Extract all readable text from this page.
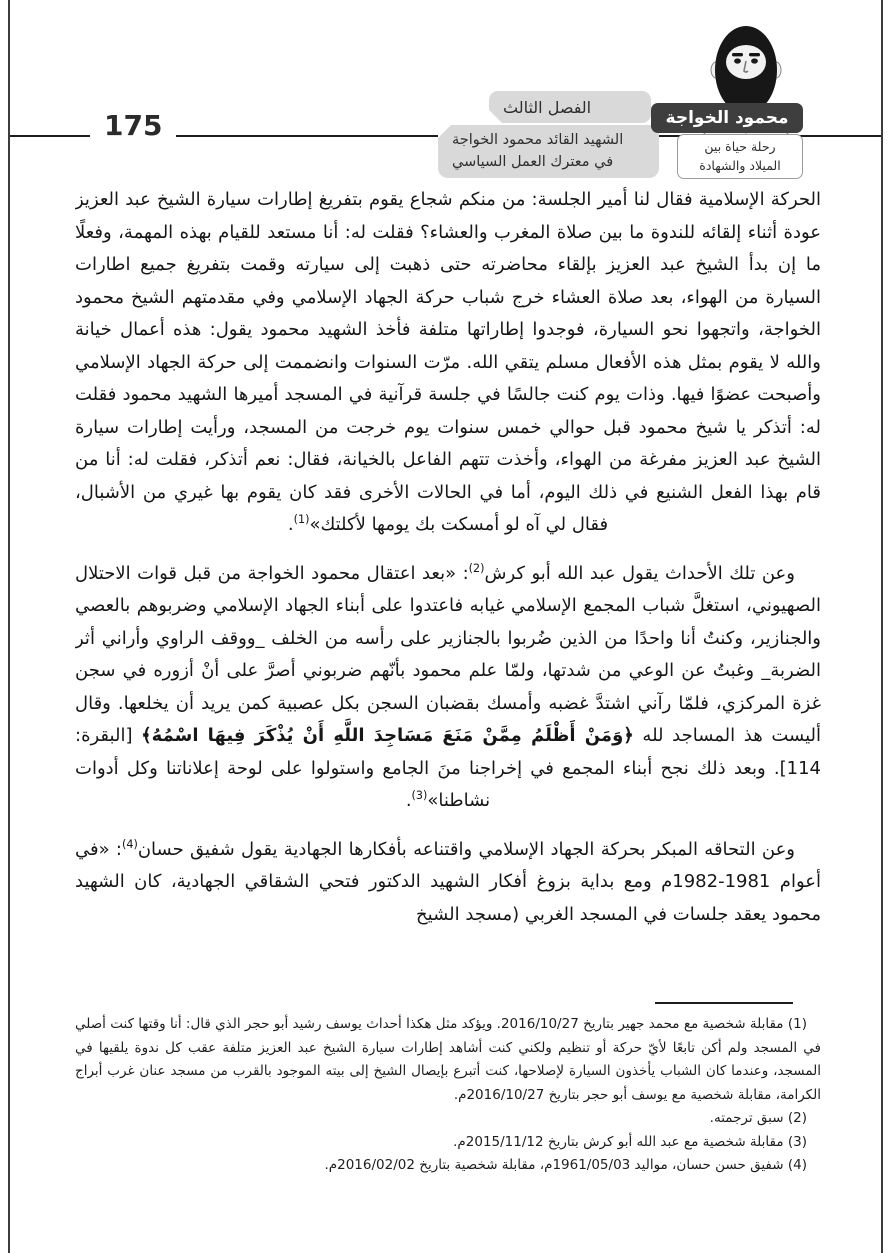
175
الفصل الثالث
الشهيد القائد محمود الخواجة
في معترك العمل السياسي
محمود الخواجة
رحلة حياة بين
الميلاد والشهادة

الحركة الإسلامية فقال لنا أمير الجلسة: من منكم شجاع يقوم بتفريغ إطارات سيارة الشيخ عبد العزيز عودة أثناء إلقائه للندوة ما بين صلاة المغرب والعشاء؟ فقلت له: أنا مستعد للقيام بهذه المهمة، وفعلًا ما إن بدأ الشيخ عبد العزيز بإلقاء محاضرته حتى ذهبت إلى سيارته وقمت بتفريغ جميع اطارات السيارة من الهواء، بعد صلاة العشاء خرج شباب حركة الجهاد الإسلامي وفي مقدمتهم الشيخ محمود الخواجة، واتجهوا نحو السيارة، فوجدوا إطاراتها متلفة فأخذ الشهيد محمود يقول: هذه أعمال خيانة والله لا يقوم بمثل هذه الأفعال مسلم يتقي الله. مرّت السنوات وانضممت إلى حركة الجهاد الإسلامي وأصبحت عضوًا فيها. وذات يوم كنت جالسًا في جلسة قرآنية في المسجد أميرها الشهيد محمود فقلت له: أتذكر يا شيخ محمود قبل حوالي خمس سنوات يوم خرجت من المسجد، ورأيت إطارات سيارة الشيخ عبد العزيز مفرغة من الهواء، وأخذت تتهم الفاعل بالخيانة، فقال: نعم أتذكر، فقلت له: أنا من قام بهذا الفعل الشنيع في ذلك اليوم، أما في الحالات الأخرى فقد كان يقوم بها غيري من الأشبال، فقال لي آه لو أمسكت بك يومها لأكلتك»$^{(1)}$.

وعن تلك الأحداث يقول عبد الله أبو كرش$^{(2)}$: «بعد اعتقال محمود الخواجة من قبل قوات الاحتلال الصهيوني، استغلَّ شباب المجمع الإسلامي غيابه فاعتدوا على أبناء الجهاد الإسلامي وضربوهم بالعصي والجنازير، وكنتُ أنا واحدًا من الذين ضُربوا بالجنازير على رأسه من الخلف _ووقف الراوي وأراني أثر الضربة_ وغبتُ عن الوعي من شدتها، ولمّا علم محمود بأنّهم ضربوني أصرَّ على أنْ أزوره في سجن غزة المركزي، فلمّا رآني اشتدَّ غضبه وأمسك بقضبان السجن بكل عصبية كمن يريد أن يخلعها. وقال أليست هذ المساجد لله ﴿وَمَنْ أَظْلَمُ مِمَّنْ مَنَعَ مَسَاجِدَ اللَّهِ أَنْ يُذْكَرَ فِيهَا اسْمُهُ﴾ [البقرة: 114]. وبعد ذلك نجح أبناء المجمع في إخراجنا منَ الجامع واستولوا على لوحة إعلاناتنا وكل أدوات نشاطنا»$^{(3)}$.

وعن التحاقه المبكر بحركة الجهاد الإسلامي واقتناعه بأفكارها الجهادية يقول شفيق حسان$^{(4)}$: «في أعوام 1981-1982م ومع بداية بزوغ أفكار الشهيد الدكتور فتحي الشقاقي الجهادية، كان الشهيد محمود يعقد جلسات في المسجد الغربي (مسجد الشيخ

(1) مقابلة شخصية مع محمد جهير بتاريخ 2016/10/27. ويؤكد مثل هكذا أحداث يوسف رشيد أبو حجر الذي قال: أنا وقتها كنت أصلي في المسجد ولم أكن تابعًا لأيّ حركة أو تنظيم ولكني كنت أشاهد إطارات سيارة الشيخ عبد العزيز متلفة عقب كل ندوة يلقيها في المسجد، وعندما كان الشباب يأخذون السيارة لإصلاحها، كنت أتبرع بإيصال الشيخ إلى بيته الموجود بالقرب من مسجد عنان غرب أبراج الكرامة، مقابلة شخصية مع يوسف أبو حجر بتاريخ 2016/10/27م.

(2) سبق ترجمته.

(3) مقابلة شخصية مع عبد الله أبو كرش بتاريخ 2015/11/12م.

(4) شفيق حسن حسان، مواليد 1961/05/03م، مقابلة شخصية بتاريخ 2016/02/02م.
